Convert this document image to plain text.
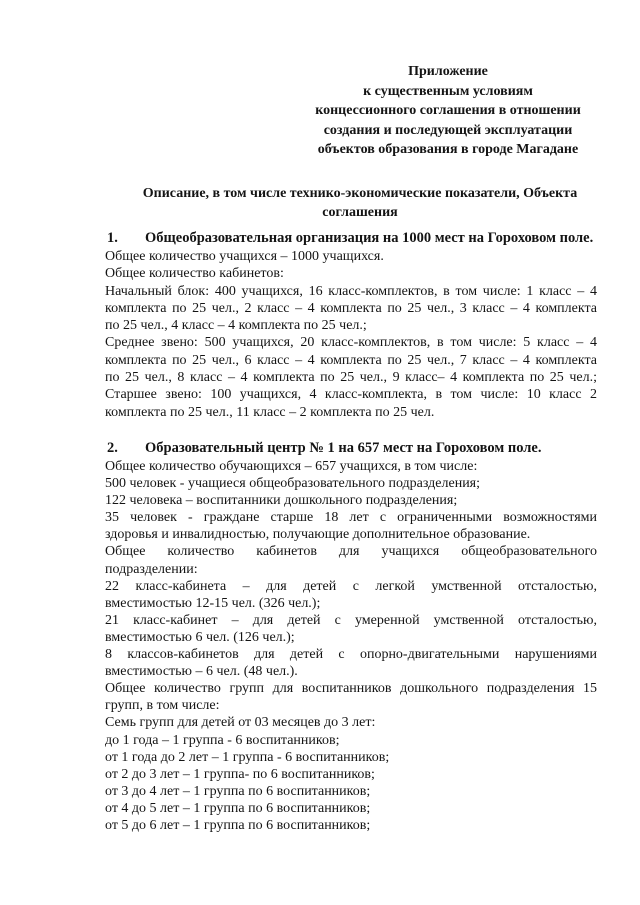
Приложение
к существенным условиям
концессионного соглашения в отношении
создания и последующей эксплуатации
объектов образования в городе Магадане
Описание, в том числе технико-экономические показатели, Объекта
соглашения
1. Общеобразовательная организация на 1000 мест на Гороховом поле.
Общее количество учащихся – 1000 учащихся.
Общее количество кабинетов:
Начальный блок: 400 учащихся, 16 класс-комплектов, в том числе: 1 класс – 4
комплекта по 25 чел., 2 класс – 4 комплекта по 25 чел., 3 класс – 4 комплекта
по 25 чел., 4 класс – 4 комплекта по 25 чел.;
Среднее звено: 500 учащихся, 20 класс-комплектов, в том числе: 5 класс – 4
комплекта по 25 чел., 6 класс – 4 комплекта по 25 чел., 7 класс – 4 комплекта
по 25 чел., 8 класс – 4 комплекта по 25 чел., 9 класс– 4 комплекта по 25 чел.;
Старшее звено: 100 учащихся, 4 класс-комплекта, в том числе: 10 класс 2
комплекта по 25 чел., 11 класс – 2 комплекта по 25 чел.
2. Образовательный центр № 1 на 657 мест на Гороховом поле.
Общее количество обучающихся – 657 учащихся, в том числе:
500 человек - учащиеся общеобразовательного подразделения;
122 человека – воспитанники дошкольного подразделения;
35 человек - граждане старше 18 лет с ограниченными возможностями
здоровья и инвалидностью, получающие дополнительное образование.
Общее количество кабинетов для учащихся общеобразовательного
подразделении:
22 класс-кабинета – для детей с легкой умственной отсталостью,
вместимостью 12-15 чел. (326 чел.);
21 класс-кабинет – для детей с умеренной умственной отсталостью,
вместимостью 6 чел. (126 чел.);
8 классов-кабинетов для детей с опорно-двигательными нарушениями
вместимостью – 6 чел. (48 чел.).
Общее количество групп для воспитанников дошкольного подразделения 15
групп, в том числе:
Семь групп для детей от 03 месяцев до 3 лет:
до 1 года – 1 группа - 6 воспитанников;
от 1 года до 2 лет – 1 группа - 6 воспитанников;
от 2 до 3 лет – 1 группа- по 6 воспитанников;
от 3 до 4 лет – 1 группа по 6 воспитанников;
от 4 до 5 лет – 1 группа по 6 воспитанников;
от 5 до 6 лет – 1 группа по 6 воспитанников;
